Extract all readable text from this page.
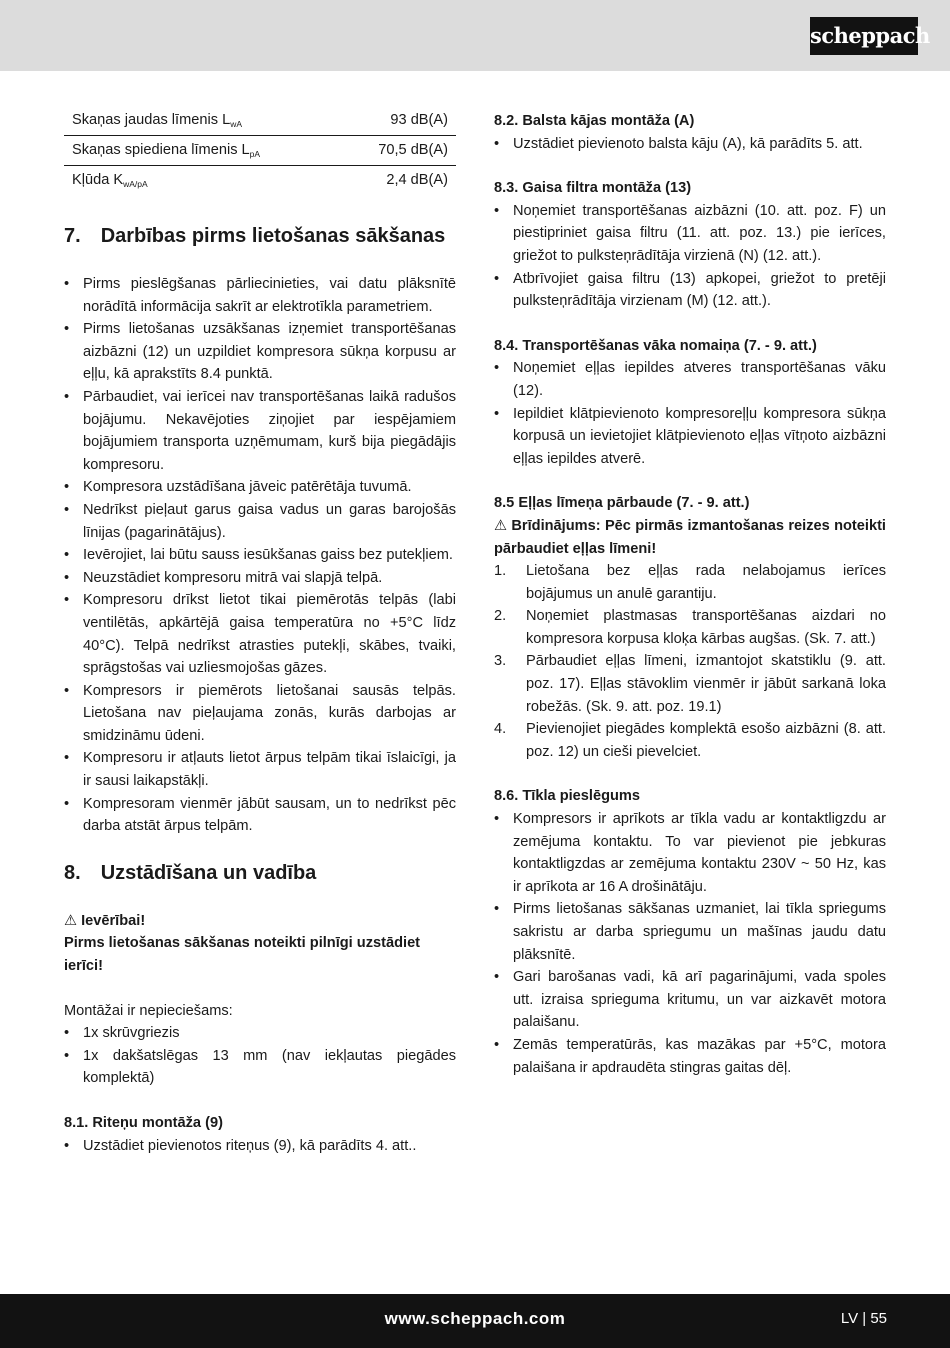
scheppach
Skaņas jaudas līmenis $L_{wA}$	93 dB(A)
Skaņas spiediena līmenis $L_{pA}$	70,5 dB(A)
Kļūda $K_{wA/pA}$	2,4 dB(A)
7. Darbības pirms lietošanas sākšanas
• Pirms pieslēgšanas pārliecinieties, vai datu plāksnītē norādītā informācija sakrīt ar elektrotīkla parametriem.
• Pirms lietošanas uzsākšanas izņemiet transportēšanas aizbāzni (12) un uzpildiet kompresora sūkņa korpusu ar eļļu, kā aprakstīts 8.4 punktā.
• Pārbaudiet, vai ierīcei nav transportēšanas laikā radušos bojājumu. Nekavējoties ziņojiet par iespējamiem bojājumiem transporta uzņēmumam, kurš bija piegādājis kompresoru.
• Kompresora uzstādīšana jāveic patērētāja tuvumā.
• Nedrīkst pieļaut garus gaisa vadus un garas barojošās līnijas (pagarinātājus).
• Ievērojiet, lai būtu sauss iesūkšanas gaiss bez putekļiem.
• Neuzstādiet kompresoru mitrā vai slapjā telpā.
• Kompresoru drīkst lietot tikai piemērotās telpās (labi ventilētās, apkārtējā gaisa temperatūra no +5°C līdz 40°C). Telpā nedrīkst atrasties putekļi, skābes, tvaiki, sprāgstošas vai uzliesmojošas gāzes.
• Kompresors ir piemērots lietošanai sausās telpās. Lietošana nav pieļaujama zonās, kurās darbojas ar smidzināmu ūdeni.
• Kompresoru ir atļauts lietot ārpus telpām tikai īslaicīgi, ja ir sausi laikapstākļi.
• Kompresoram vienmēr jābūt sausam, un to nedrīkst pēc darba atstāt ārpus telpām.
8. Uzstādīšana un vadība

⚠ Ievērībai!

Pirms lietošanas sākšanas noteikti pilnīgi uzstādiet ierīci!

Montāžai ir nepieciešams:

• 1x skrūvgriezis
• 1x dakšatslēgas 13 mm (nav iekļautas piegādes komplektā)

8.1. Riteņu montāža (9)

• Uzstādiet pievienotos riteņus (9), kā parādīts 4. att..

8.2. Balsta kājas montāža (A)

• Uzstādiet pievienoto balsta kāju (A), kā parādīts 5. att.

8.3. Gaisa filtra montāža (13)

• Noņemiet transportēšanas aizbāzni (10. att. poz. F) un piestipriniet gaisa filtru (11. att. poz. 13.) pie ierīces, griežot to pulksteņrādītāja virzienā (N) (12. att.).
• Atbrīvojiet gaisa filtru (13) apkopei, griežot to pretēji pulksteņrādītāja virzienam (M) (12. att.).

8.4. Transportēšanas vāka nomaiņa (7. - 9. att.)

• Noņemiet eļļas iepildes atveres transportēšanas vāku (12).
• Iepildiet klātpievienoto kompresoreļļu kompresora sūkņa korpusā un ievietojiet klātpievienoto eļļas vītņoto aizbāzni eļļas iepildes atverē.

8.5 Eļļas līmeņa pārbaude (7. - 9. att.)

⚠ Brīdinājums: Pēc pirmās izmantošanas reizes noteikti pārbaudiet eļļas līmeni!

1. Lietošana bez eļļas rada nelabojamus ierīces bojājumus un anulē garantiju.
2. Noņemiet plastmasas transportēšanas aizdari no kompresora korpusa kloķa kārbas augšas. (Sk. 7. att.)
3. Pārbaudiet eļļas līmeni, izmantojot skatstiklu (9. att. poz. 17). Eļļas stāvoklim vienmēr ir jābūt sarkanā loka robežās. (Sk. 9. att. poz. 19.1)
4. Pievienojiet piegādes komplektā esošo aizbāzni (8. att. poz. 12) un cieši pievelciet.

8.6. Tīkla pieslēgums

• Kompresors ir aprīkots ar tīkla vadu ar kontaktligzdu ar zemējuma kontaktu. To var pievienot pie jebkuras kontaktligzdas ar zemējuma kontaktu 230V ~ 50 Hz, kas ir aprīkota ar 16 A drošinātāju.
• Pirms lietošanas sākšanas uzmaniet, lai tīkla spriegums sakristu ar darba spriegumu un mašīnas jaudu datu plāksnītē.
• Gari barošanas vadi, kā arī pagarinājumi, vada spoles utt. izraisa sprieguma kritumu, un var aizkavēt motora palaišanu.
• Zemās temperatūrās, kas mazākas par +5°C, motora palaišana ir apdraudēta stingras gaitas dēļ.
www.scheppach.com	LV | 55
